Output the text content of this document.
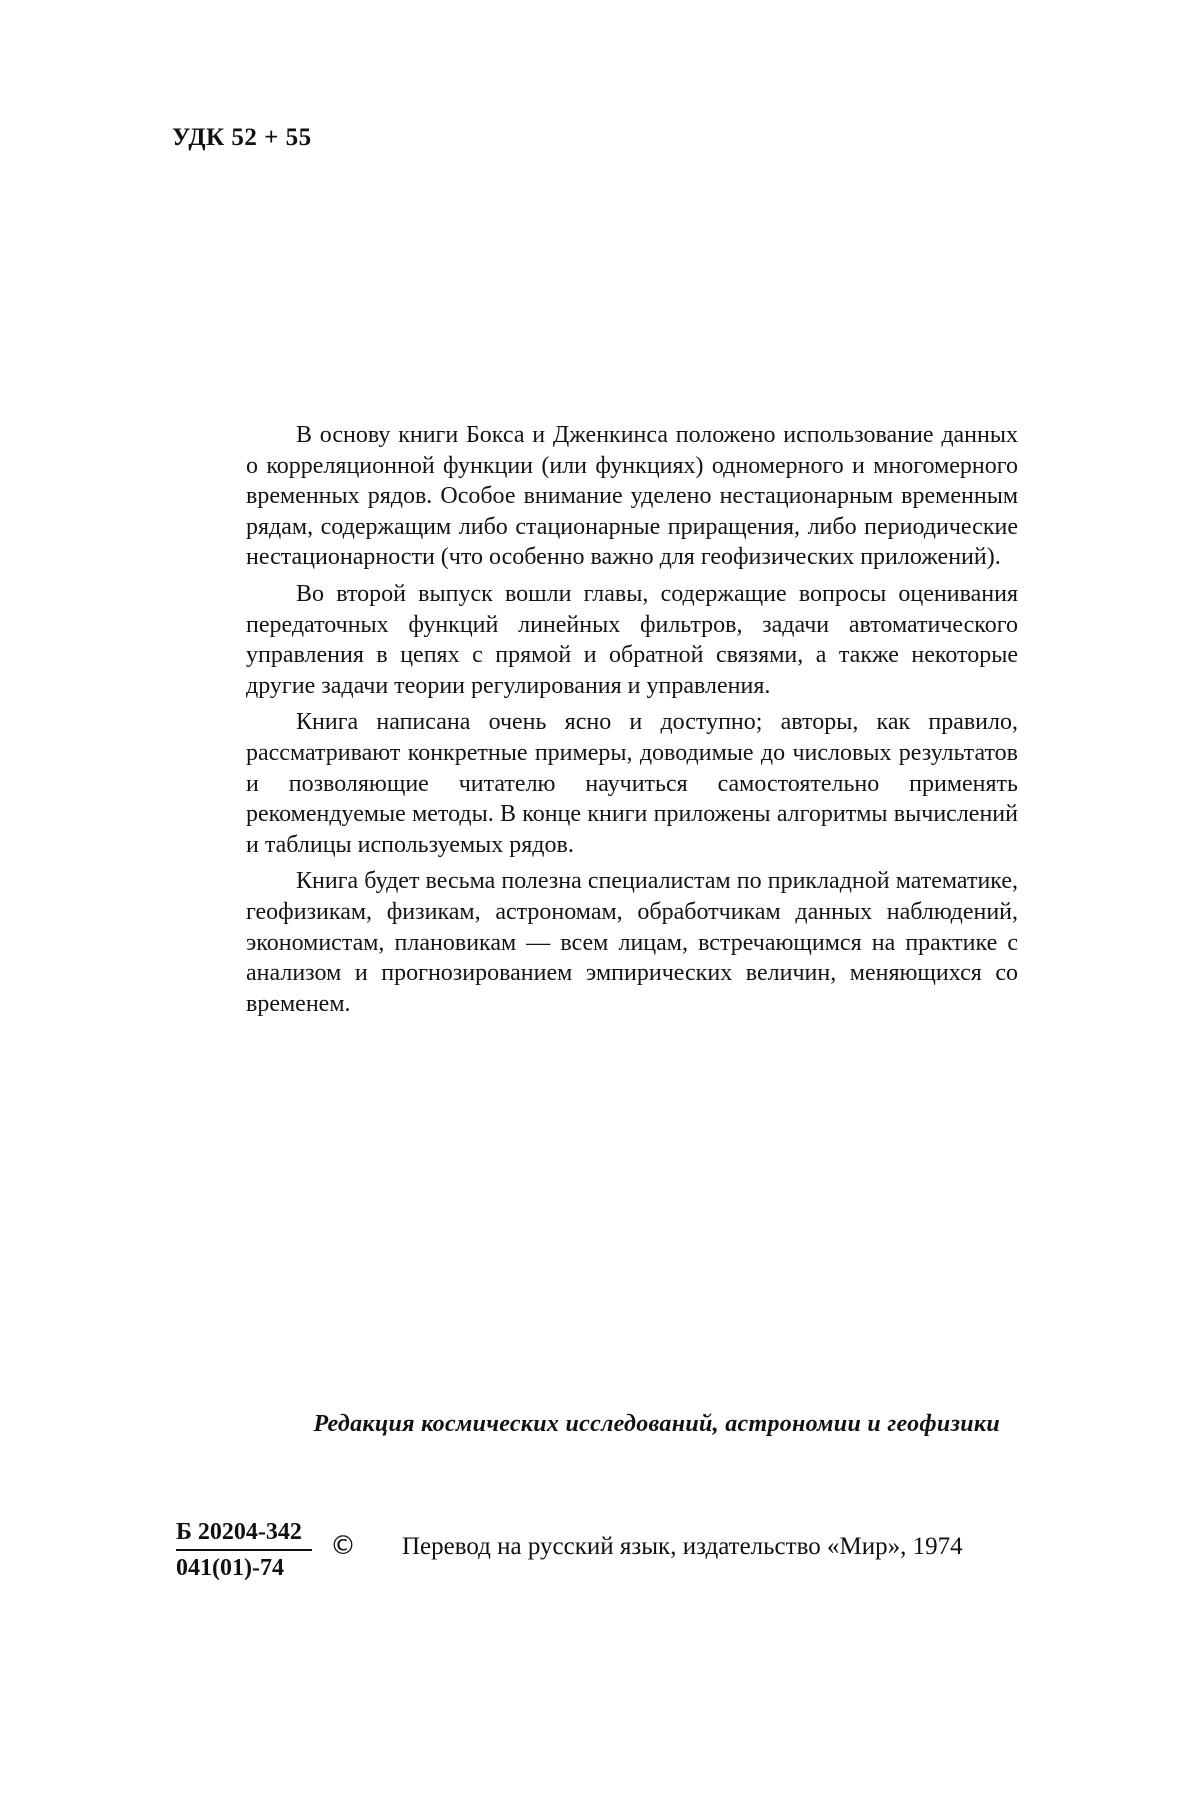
УДК 52 + 55

В основу книги Бокса и Дженкинса положено использование данных о корреляционной функции (или функциях) одномерного и многомерного временных рядов. Особое внимание уделено нестационарным временным рядам, содержащим либо стационарные приращения, либо периодические нестационарности (что особенно важно для геофизических приложений).

Во второй выпуск вошли главы, содержащие вопросы оценивания передаточных функций линейных фильтров, задачи автоматического управления в цепях с прямой и обратной связями, а также некоторые другие задачи теории регулирования и управления.

Книга написана очень ясно и доступно; авторы, как правило, рассматривают конкретные примеры, доводимые до числовых результатов и позволяющие читателю научиться самостоятельно применять рекомендуемые методы. В конце книги приложены алгоритмы вычислений и таблицы используемых рядов.

Книга будет весьма полезна специалистам по прикладной математике, геофизикам, физикам, астрономам, обработчикам данных наблюдений, экономистам, плановикам — всем лицам, встречающимся на практике с анализом и прогнозированием эмпирических величин, меняющихся со временем.

Редакция космических исследований, астрономии и геофизики
Б 20204-342
041(01)-74
© Перевод на русский язык, издательство «Мир», 1974
